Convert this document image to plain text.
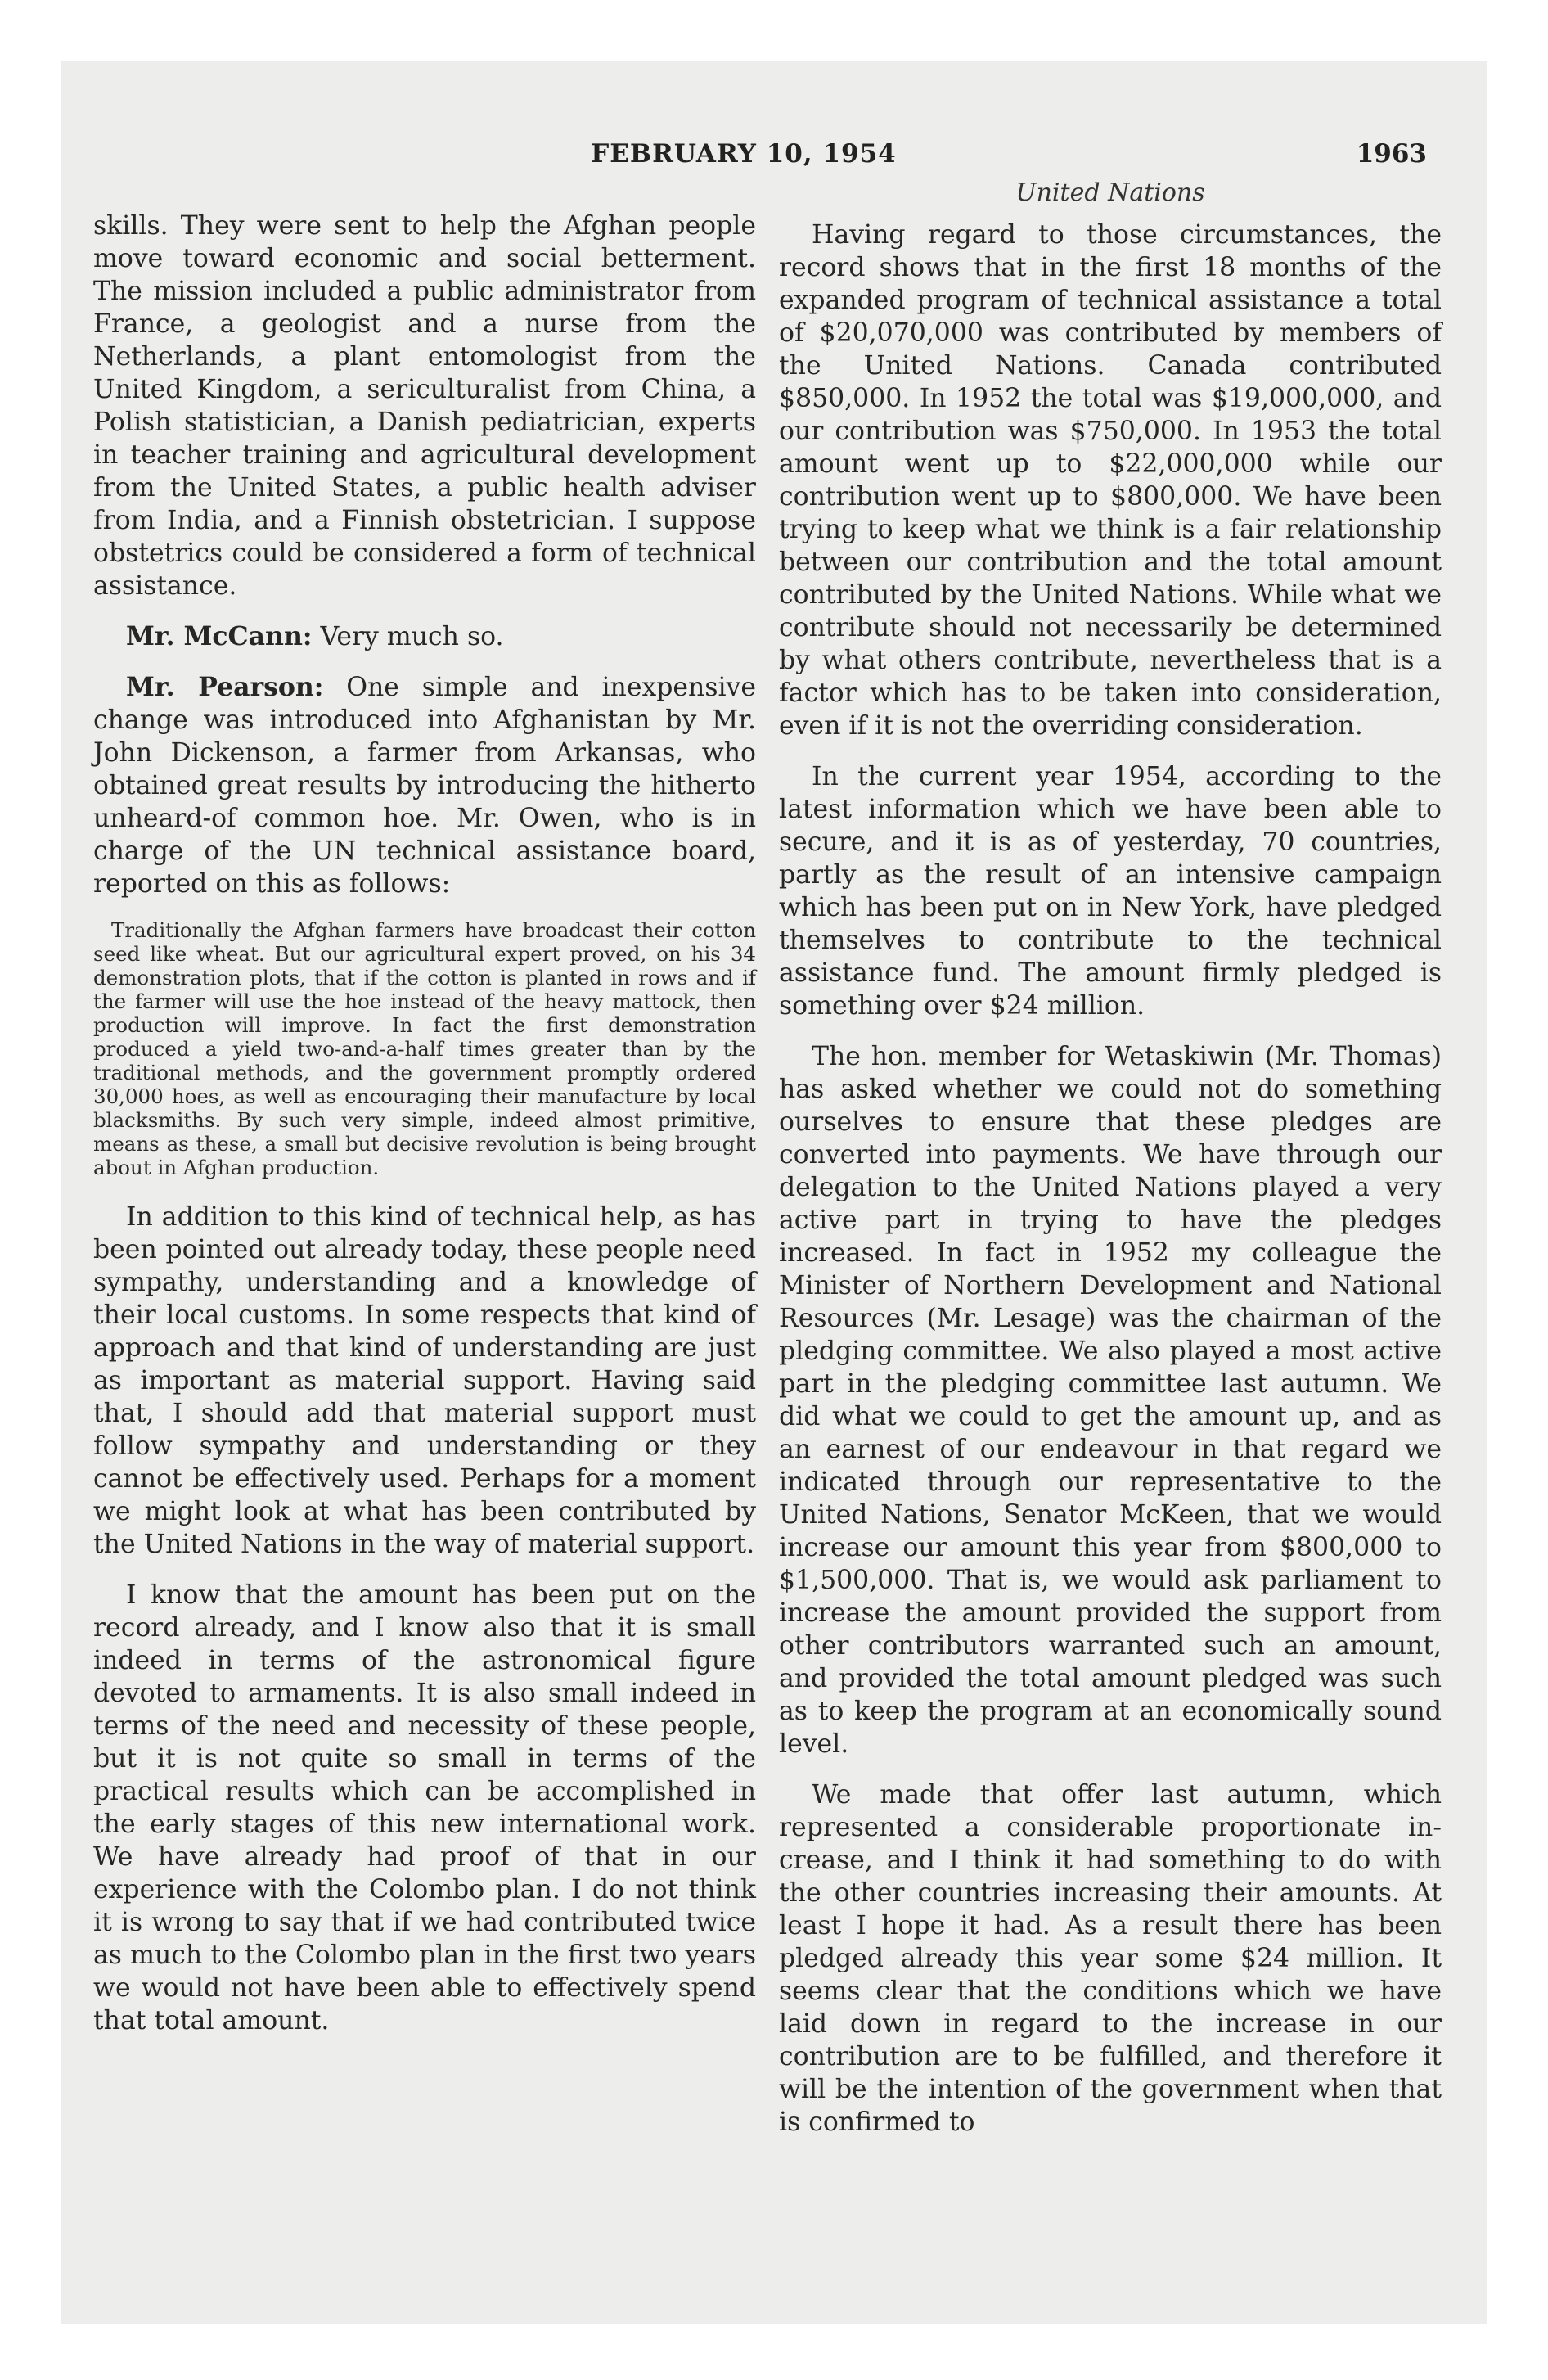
FEBRUARY 10, 1954	1963

skills. They were sent to help the Afghan people move toward economic and social betterment. The mission included a public administrator from France, a geologist and a nurse from the Netherlands, a plant entomologist from the United Kingdom, a sericulturalist from China, a Polish statistician, a Danish pediatrician, experts in teacher training and agricultural development from the United States, a public health adviser from India, and a Finnish obstetrician. I suppose obstetrics could be considered a form of technical assistance.

Mr. McCann: Very much so.

Mr. Pearson: One simple and inexpensive change was introduced into Afghanistan by Mr. John Dickenson, a farmer from Arkansas, who obtained great results by introducing the hitherto unheard-of common hoe. Mr. Owen, who is in charge of the UN technical assistance board, reported on this as follows:

Traditionally the Afghan farmers have broadcast their cotton seed like wheat. But our agricultural expert proved, on his 34 demonstration plots, that if the cotton is planted in rows and if the farmer will use the hoe instead of the heavy mattock, then production will improve. In fact the first demonstration produced a yield two-and-a-half times greater than by the traditional methods, and the government promptly ordered 30,000 hoes, as well as encouraging their manufacture by local blacksmiths. By such very simple, indeed almost primitive, means as these, a small but decisive revolution is being brought about in Afghan production.

In addition to this kind of technical help, as has been pointed out already today, these people need sympathy, understanding and a knowledge of their local customs. In some respects that kind of approach and that kind of understanding are just as important as material support. Having said that, I should add that material support must follow sympathy and understanding or they cannot be effectively used. Perhaps for a moment we might look at what has been contributed by the United Nations in the way of material support.

I know that the amount has been put on the record already, and I know also that it is small indeed in terms of the astronomical figure devoted to armaments. It is also small indeed in terms of the need and necessity of these people, but it is not quite so small in terms of the practical results which can be accomplished in the early stages of this new international work. We have already had proof of that in our experience with the Colombo plan. I do not think it is wrong to say that if we had contributed twice as much to the Colombo plan in the first two years we would not have been able to effectively spend that total amount.

United Nations

Having regard to those circumstances, the record shows that in the first 18 months of the expanded program of technical assistance a total of $20,070,000 was contributed by members of the United Nations. Canada contributed $850,000. In 1952 the total was $19,000,000, and our contribution was $750,000. In 1953 the total amount went up to $22,000,000 while our contribution went up to $800,000. We have been trying to keep what we think is a fair relationship between our contribution and the total amount contributed by the United Nations. While what we contribute should not necessarily be determined by what others contribute, nevertheless that is a factor which has to be taken into consideration, even if it is not the overriding consideration.

In the current year 1954, according to the latest information which we have been able to secure, and it is as of yesterday, 70 countries, partly as the result of an intensive campaign which has been put on in New York, have pledged themselves to contribute to the technical assistance fund. The amount firmly pledged is something over $24 million.

The hon. member for Wetaskiwin (Mr. Thomas) has asked whether we could not do something ourselves to ensure that these pledges are converted into payments. We have through our delegation to the United Nations played a very active part in trying to have the pledges increased. In fact in 1952 my colleague the Minister of Northern Development and National Resources (Mr. Lesage) was the chairman of the pledging committee. We also played a most active part in the pledging committee last autumn. We did what we could to get the amount up, and as an earnest of our endeavour in that regard we indicated through our representative to the United Nations, Senator McKeen, that we would increase our amount this year from $800,000 to $1,500,000. That is, we would ask parliament to increase the amount provided the support from other contributors warranted such an amount, and provided the total amount pledged was such as to keep the program at an economically sound level.

We made that offer last autumn, which represented a considerable proportionate increase, and I think it had something to do with the other countries increasing their amounts. At least I hope it had. As a result there has been pledged already this year some $24 million. It seems clear that the conditions which we have laid down in regard to the increase in our contribution are to be fulfilled, and therefore it will be the intention of the government when that is confirmed to
